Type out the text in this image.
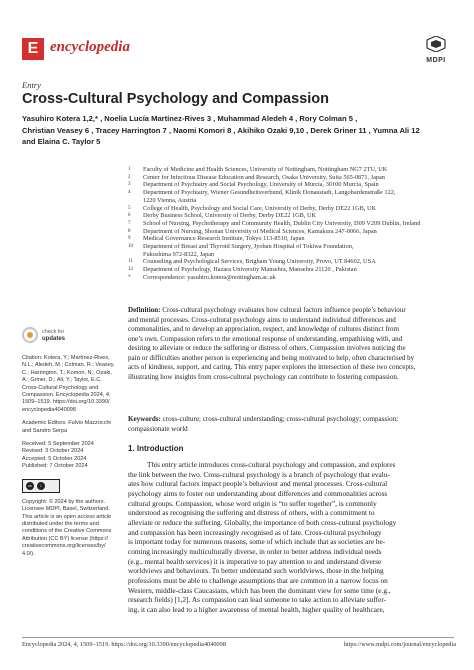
E encyclopedia
MDPI
Entry
Cross-Cultural Psychology and Compassion
Yasuhiro Kotera 1,2,* , Noelia Lucía Martínez-Rives 3 , Muhammad Aledeh 4 , Rory Colman 5 ,
Christian Veasey 6 , Tracey Harrington 7 , Naomi Komori 8 , Akihiko Ozaki 9,10 , Derek Griner 11 , Yumna Ali 12
and Elaina C. Taylor 5
1 Faculty of Medicine and Health Sciences, University of Nottingham, Nottingham NG7 2TU, UK
2 Center for Infectious Disease Education and Research, Osaka University, Suita 565-0871, Japan
3 Department of Psychiatry and Social Psychology, University of Murcia, 30100 Murcia, Spain
4 Department of Psychiatry, Wiener Gesundheitsverbund, Klinik Donaustadt, Langobardenstraße 122,
1220 Vienna, Austria
5 College of Health, Psychology and Social Care, University of Derby, Derby DE22 1GB, UK
6 Derby Business School, University of Derby, Derby DE22 1GB, UK
7 School of Nursing, Psychotherapy and Community Health, Dublin City University, D09 V209 Dublin, Ireland
8 Department of Nursing, Shonan University of Medical Sciences, Kamakura 247-0066, Japan
9 Medical Governance Research Institute, Tokyo 113-8510, Japan
10 Department of Breast and Thyroid Surgery, Jyoban Hospital of Tokiwa Foundation,
Fukushima 972-8322, Japan
11 Counseling and Psychological Services, Brigham Young University, Provo, UT 84602, USA
12 Department of Psychology, Hazara University Mansehra, Mansehra 21120 , Pakistan
* Correspondence: yasuhiro.kotera@nottingham.ac.uk
Definition: Cross-cultural psychology evaluates how cultural factors influence people’s behaviour
and mental processes. Cross-cultural psychology aims to understand individual differences and
commonalities, and to develop an appreciation, respect, and knowledge of cultures distinct from
one’s own. Compassion refers to the emotional response of understanding, empathising with, and
desiring to alleviate or reduce the suffering or distress of others. Compassion involves noticing the
pain or difficulties another person is experiencing and being motivated to help, often characterised by
acts of kindness, support, and caring. This entry paper explores the intersection of these two concepts,
illustrating how insights from cross-cultural psychology can contribute to fostering compassion.
Keywords: cross-culture; cross-cultural understanding; cross-cultural psychology; compassion;
compassionate world
check for
updates
Citation: Kotera, Y.; Martínez-Rives,
N.L.; Aledeh, M.; Colman, R.; Veasey,
C.; Harrington, T.; Komori, N.; Ozaki,
A.; Griner, D.; Ali, Y.; Taylor, E.C.
Cross-Cultural Psychology and
Compassion. Encyclopedia 2024, 4,
1509–1519. https://doi.org/10.3390/
encyclopedia4040098
Academic Editors: Fulvio Mazzocchi
and Sandro Serpa
Received: 5 September 2024
Revised: 3 October 2024
Accepted: 5 October 2024
Published: 7 October 2024
cc	i
Copyright: © 2024 by the authors.
Licensee MDPI, Basel, Switzerland.
This article is an open access article
distributed under the terms and
conditions of the Creative Commons
Attribution (CC BY) license (https://
creativecommons.org/licenses/by/
4.0/).
1. Introduction
This entry article introduces cross-cultural psychology and compassion, and explores
the link between the two. Cross-cultural psychology is a branch of psychology that evalu-
ates how cultural factors impact people’s behaviour and mental processes. Cross-cultural
psychology aims to foster our understanding about differences and commonalities across
cultural groups. Compassion, whose word origin is “to suffer together”, is commonly
understood as recognising the suffering and distress of others, with a commitment to
alleviate or reduce the suffering. Globally, the importance of both cross-cultural psychology
and compassion has been increasingly recognised as of late. Cross-cultural psychology
is important today for numerous reasons, some of which include that as societies are be-
coming increasingly multiculturally diverse, in order to better address individual needs
(e.g., mental health services) it is imperative to pay attention to and understand diverse
worldviews and behaviours. To better understand such worldviews, those in the helping
professions must be able to challenge assumptions that are common in a narrow focus on
Western, middle-class Caucasians, which has been the dominant view for some time (e.g.,
research fields) [1,2]. As compassion can lead someone to take action to alleviate suffer-
ing, it can also lead to a higher awareness of mental health, higher quality of healthcare,
Encyclopedia 2024, 4, 1509–1519. https://doi.org/10.3390/encyclopedia4040098	https://www.mdpi.com/journal/encyclopedia
